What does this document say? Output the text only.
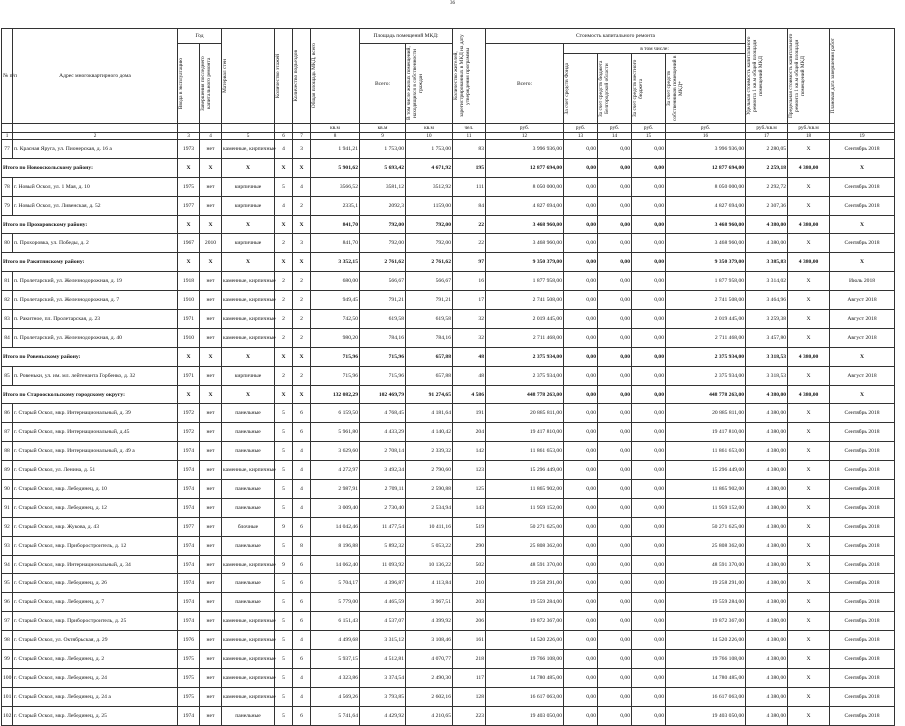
36
№ п/п	Адрес многоквартирного дома	Год		Материал стен	Количество этажей	Количество подъездов	Общая площадь МКД, всего	Площадь помещений МКД:		Количество жителей, зарегистрированных в МКД на дату утверждения программы	Стоимость капитального ремонта					Удельная стоимость капитального ремонта 1 кв.м общей площади помещений МКД	Предельная стоимость капитального ремонта 1 кв.м общей площади помещений МКД	Плановая дата завершения работ

		Ввода в эксплуатацию	Завершения последнего капитального ремонта					Всего:	В том числе жилых помещений, находящихся в собственности граждан		Всего:	в том числе:						

												За счет средств Фонда	За счет средств бюджета Белгородской области	За счет средств местного бюджета	За счет средств собственников помещений в МКД*			

							кв.м	кв.м	кв.м	чел.	руб.	руб.	руб.	руб.	руб.	руб./кв.м	руб./кв.м	
1	2	3	4	5	6	7	8	9	10	11	12	13	14	15	16	17	18	19
77	п. Красная Яруга, ул. Пионерская, д. 16 а	1973	нет	каменные, кирпичные	4	3	1 941,21	1 753,00	1 753,00	83	3 996 936,00	0,00	0,00	0,00	3 996 936,00	2 280,05	Х	Сентябрь 2018
Итого по Новооскольскому району:		Х	Х	Х	Х	Х	5 901,62	5 693,42	4 671,92	195	12 877 694,00	0,00	0,00	0,00	12 877 694,00	2 259,18	4 380,00	Х
78	г. Новый Оскол, ул. 1 Мая, д. 10	1975	нет	кирпичные	5	4	3566,52	3581,12	3512,92	111	8 050 000,00	0,00	0,00	0,00	8 050 000,00	2 292,72	Х	Сентябрь 2018
79	г. Новый Оскол, ул. Ливенская, д. 52	1977	нет	кирпичные	4	2	2335,1	2092,3	1159,00	84	4 827 694,00	0,00	0,00	0,00	4 827 694,00	2 307,36	Х	Сентябрь 2018
Итого по Прохоровскому району:		Х	Х	Х	Х	Х	841,70	792,00	792,00	22	3 468 960,00	0,00	0,00	0,00	3 468 960,00	4 380,00	4 380,00	Х
80	п. Прохоровка, ул. Победы, д. 2	1967	2010	кирпичные	2	3	841,70	792,00	792,00	22	3 468 960,00	0,00	0,00	0,00	3 468 960,00	4 380,00	Х	Сентябрь 2018
Итого по Ракитянскому району:		Х	Х	Х	Х	Х	3 352,15	2 761,62	2 761,62	97	9 350 379,00	0,00	0,00	0,00	9 350 379,00	3 385,83	4 380,00	Х
81	п. Пролетарский, ул. Железнодорожная, д. 19	1918	нет	каменные, кирпичные	2	2	680,00	566,67	566,67	16	1 877 958,00	0,00	0,00	0,00	1 877 958,00	3 314,02	Х	Июль 2018
82	п. Пролетарский, ул. Железнодорожная, д. 7	1910	нет	каменные, кирпичные	2	2	949,45	791,21	791,21	17	2 741 508,00	0,00	0,00	0,00	2 741 508,00	3 464,96	Х	Август 2018
83	п. Ракитное, пл. Пролетарская, д. 23	1971	нет	каменные, кирпичные	2	2	742,50	619,58	619,58	32	2 019 445,00	0,00	0,00	0,00	2 019 445,00	3 259,38	Х	Август 2018
84	п. Пролетарский, ул. Железнодорожная, д. 40	1910	нет	каменные, кирпичные	2	2	980,20	784,16	784,16	32	2 711 468,00	0,00	0,00	0,00	2 711 468,00	3 457,80	Х	Август 2018
Итого по Ровеньскому району:		Х	Х	Х	Х	Х	715,96	715,96	657,88	48	2 375 934,00	0,00	0,00	0,00	2 375 934,00	3 318,53	4 380,00	Х
85	п. Ровеньки, ул. им. мл. лейтенанта Горбенко, д. 32	1971	нет	кирпичные	2	2	715,96	715,96	657,88	48	2 375 934,00	0,00	0,00	0,00	2 375 934,00	3 318,53	Х	Август 2018
Итого по Старооскольскому городскому округу:		Х	Х	Х	Х	Х	132 082,29	102 469,79	91 274,65	4 586	448 778 263,00	0,00	0,00	0,00	448 778 263,00	4 380,00	4 380,00	Х
86	г. Старый Оскол, мкр. Интернациональный, д. 39	1972	нет	панельные	5	6	6 159,50	4 768,45	4 181,64	191	20 885 811,00	0,00	0,00	0,00	20 885 811,00	4 380,00	Х	Сентябрь 2018
87	г. Старый Оскол, мкр. Интернациональный, д.45	1972	нет	панельные	5	6	5 961,80	4 433,29	4 140,42	204	19 417 810,00	0,00	0,00	0,00	19 417 810,00	4 380,00	Х	Сентябрь 2018
88	г. Старый Оскол, мкр. Интернациональный, д. 49 а	1974	нет	панельные	5	4	3 629,60	2 708,14	2 339,32	142	11 861 653,00	0,00	0,00	0,00	11 861 653,00	4 380,00	Х	Сентябрь 2018
89	г. Старый Оскол, ул. Ленина, д. 51	1974	нет	каменные, кирпичные	5	4	4 272,97	3 492,34	2 790,60	123	15 296 449,00	0,00	0,00	0,00	15 296 449,00	4 380,00	Х	Сентябрь 2018
90	г. Старый Оскол, мкр. Лебединец, д. 10	1974	нет	панельные	5	4	2 987,91	2 709,11	2 590,88	125	11 865 902,00	0,00	0,00	0,00	11 865 902,00	4 380,00	Х	Сентябрь 2018
91	г. Старый Оскол, мкр. Лебединец, д. 12	1974	нет	панельные	5	4	3 009,40	2 730,40	2 534,94	143	11 959 152,00	0,00	0,00	0,00	11 959 152,00	4 380,00	Х	Сентябрь 2018
92	г. Старый Оскол, мкр. Жукова, д. 43	1977	нет	блочные	9	6	14 042,46	11 477,54	10 411,16	519	50 271 625,00	0,00	0,00	0,00	50 271 625,00	4 380,00	Х	Сентябрь 2018
93	г. Старый Оскол, мкр. Приборостроитель, д. 12	1974	нет	панельные	5	8	8 196,88	5 892,32	5 053,22	290	25 808 362,00	0,00	0,00	0,00	25 808 362,00	4 380,00	Х	Сентябрь 2018
94	г. Старый Оскол, мкр. Интернациональный, д. 34	1974	нет	каменные, кирпичные	9	6	14 062,40	11 093,92	10 136,22	502	48 591 370,00	0,00	0,00	0,00	48 591 370,00	4 380,00	Х	Сентябрь 2018
95	г. Старый Оскол, мкр. Лебединец, д. 26	1974	нет	панельные	5	6	5 704,17	4 396,87	4 113,84	210	19 258 291,00	0,00	0,00	0,00	19 258 291,00	4 380,00	Х	Сентябрь 2018
96	г. Старый Оскол, мкр. Лебединец, д. 7	1974	нет	панельные	5	6	5 779,00	4 465,59	3 967,51	203	19 559 284,00	0,00	0,00	0,00	19 559 284,00	4 380,00	Х	Сентябрь 2018
97	г. Старый Оскол, мкр. Приборостроитель, д. 25	1974	нет	каменные, кирпичные	5	6	6 151,43	4 537,07	4 399,92	206	19 872 367,00	0,00	0,00	0,00	19 872 367,00	4 380,00	Х	Сентябрь 2018
98	г. Старый Оскол, ул. Октябрьская, д. 29	1976	нет	каменные, кирпичные	5	4	4 499,68	3 315,12	3 108,46	161	14 520 226,00	0,00	0,00	0,00	14 520 226,00	4 380,00	Х	Сентябрь 2018
99	г. Старый Оскол, мкр. Лебединец, д. 2	1975	нет	каменные, кирпичные	5	6	5 937,15	4 512,81	4 070,77	218	19 766 108,00	0,00	0,00	0,00	19 766 108,00	4 380,00	Х	Сентябрь 2018
100	г. Старый Оскол, мкр. Лебединец, д. 24	1975	нет	каменные, кирпичные	5	4	4 323,86	3 374,54	2 490,30	117	14 780 485,00	0,00	0,00	0,00	14 780 485,00	4 380,00	Х	Сентябрь 2018
101	г. Старый Оскол, мкр. Лебединец, д. 24 а	1975	нет	каменные, кирпичные	5	4	4 569,26	3 793,85	2 602,16	128	16 617 063,00	0,00	0,00	0,00	16 617 063,00	4 380,00	Х	Сентябрь 2018
102	г. Старый Оскол, мкр. Лебединец, д. 25	1974	нет	панельные	5	6	5 741,64	4 429,92	4 210,65	223	19 403 050,00	0,00	0,00	0,00	19 403 050,00	4 380,00	Х	Сентябрь 2018
